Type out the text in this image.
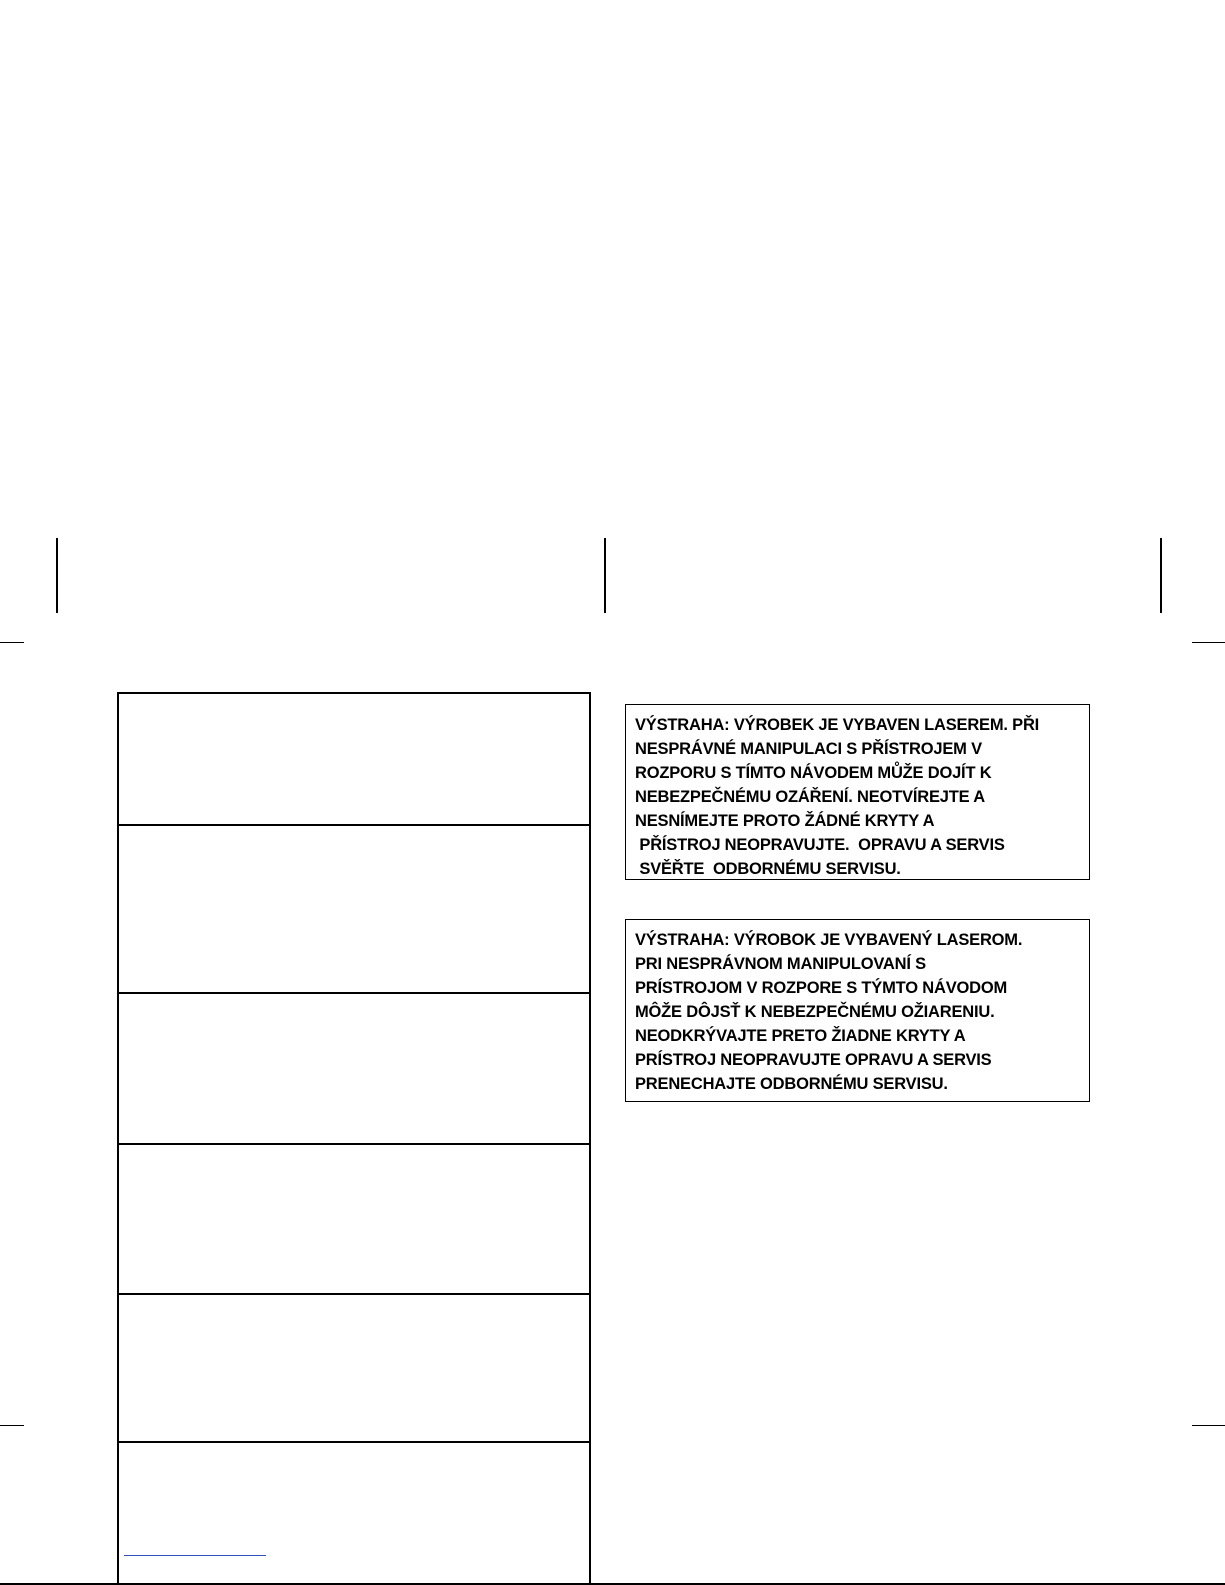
VÝSTRAHA: VÝROBEK JE VYBAVEN LASEREM. PŘI
NESPRÁVNÉ MANIPULACI S PŘÍSTROJEM V
ROZPORU S TÍMTO NÁVODEM MŮŽE DOJÍT K
NEBEZPEČNÉMU OZÁŘENÍ. NEOTVÍREJTE A
NESNÍMEJTE PROTO ŽÁDNÉ KRYTY A
PŘÍSTROJ NEOPRAVUJTE.  OPRAVU A SERVIS
SVĚŘTE  ODBORNÉMU SERVISU.
VÝSTRAHA: VÝROBOK JE VYBAVENÝ LASEROM.
PRI NESPRÁVNOM MANIPULOVANÍ S
PRÍSTROJOM V ROZPORE S TÝMTO NÁVODOM
MÔŽE DÔJSŤ K NEBEZPEČNÉMU OŽIARENIU.
NEODKRÝVAJTE PRETO ŽIADNE KRYTY A
PRÍSTROJ NEOPRAVUJTE OPRAVU A SERVIS
PRENECHAJTE ODBORNÉMU SERVISU.
